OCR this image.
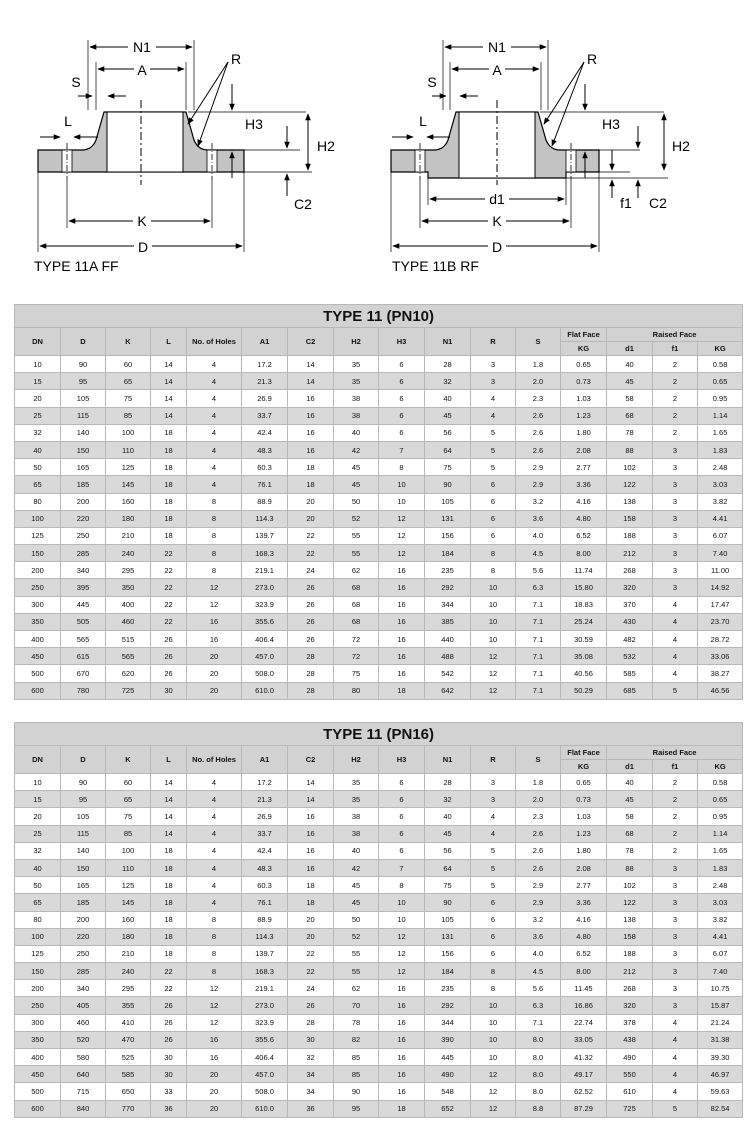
N1
A
S
R
L	H3
H2
C2
K
D
TYPE 11A FF
N1
A
S
R
L	H3
f1
H2
C2
d1
K
D
TYPE 11B RF
TYPE 11 (PN10)															
DN	D	K	L	No. of Holes	A1	C2	H2	H3	N1	R	S	Flat Face	Raised Face		
												KG	d1	f1	KG
10	90	60	14	4	17.2	14	35	6	28	3	1.8	0.65	40	2	0.58
15	95	65	14	4	21.3	14	35	6	32	3	2.0	0.73	45	2	0.65
20	105	75	14	4	26.9	16	38	6	40	4	2.3	1.03	58	2	0.95
25	115	85	14	4	33.7	16	38	6	45	4	2.6	1.23	68	2	1.14
32	140	100	18	4	42.4	16	40	6	56	5	2.6	1.80	78	2	1.65
40	150	110	18	4	48.3	16	42	7	64	5	2.6	2.08	88	3	1.83
50	165	125	18	4	60.3	18	45	8	75	5	2.9	2.77	102	3	2.48
65	185	145	18	4	76.1	18	45	10	90	6	2.9	3.36	122	3	3.03
80	200	160	18	8	88.9	20	50	10	105	6	3.2	4.16	138	3	3.82
100	220	180	18	8	114.3	20	52	12	131	6	3.6	4.80	158	3	4.41
125	250	210	18	8	139.7	22	55	12	156	6	4.0	6.52	188	3	6.07
150	285	240	22	8	168.3	22	55	12	184	8	4.5	8.00	212	3	7.40
200	340	295	22	8	219.1	24	62	16	235	8	5.6	11.74	268	3	11.00
250	395	350	22	12	273.0	26	68	16	292	10	6.3	15.80	320	3	14.92
300	445	400	22	12	323.9	26	68	16	344	10	7.1	18.83	370	4	17.47
350	505	460	22	16	355.6	26	68	16	385	10	7.1	25.24	430	4	23.70
400	565	515	26	16	406.4	26	72	16	440	10	7.1	30.59	482	4	28.72
450	615	565	26	20	457.0	28	72	16	488	12	7.1	35.08	532	4	33.06
500	670	620	26	20	508.0	28	75	16	542	12	7.1	40.56	585	4	38.27
600	780	725	30	20	610.0	28	80	18	642	12	7.1	50.29	685	5	46.56
TYPE 11 (PN16)															
DN	D	K	L	No. of Holes	A1	C2	H2	H3	N1	R	S	Flat Face	Raised Face		
												KG	d1	f1	KG
10	90	60	14	4	17.2	14	35	6	28	3	1.8	0.65	40	2	0.58
15	95	65	14	4	21.3	14	35	6	32	3	2.0	0.73	45	2	0.65
20	105	75	14	4	26.9	16	38	6	40	4	2.3	1.03	58	2	0.95
25	115	85	14	4	33.7	16	38	6	45	4	2.6	1.23	68	2	1.14
32	140	100	18	4	42.4	16	40	6	56	5	2.6	1.80	78	2	1.65
40	150	110	18	4	48.3	16	42	7	64	5	2.6	2.08	88	3	1.83
50	165	125	18	4	60.3	18	45	8	75	5	2.9	2.77	102	3	2.48
65	185	145	18	4	76.1	18	45	10	90	6	2.9	3.36	122	3	3.03
80	200	160	18	8	88.9	20	50	10	105	6	3.2	4.16	138	3	3.82
100	220	180	18	8	114.3	20	52	12	131	6	3.6	4.80	158	3	4.41
125	250	210	18	8	139.7	22	55	12	156	6	4.0	6.52	188	3	6.07
150	285	240	22	8	168.3	22	55	12	184	8	4.5	8.00	212	3	7.40
200	340	295	22	12	219.1	24	62	16	235	8	5.6	11.45	268	3	10.75
250	405	355	26	12	273.0	26	70	16	292	10	6.3	16.86	320	3	15.87
300	460	410	26	12	323.9	28	78	16	344	10	7.1	22.74	378	4	21.24
350	520	470	26	16	355.6	30	82	16	390	10	8.0	33.05	438	4	31.38
400	580	525	30	16	406.4	32	85	16	445	10	8.0	41.32	490	4	39.30
450	640	585	30	20	457.0	34	85	16	490	12	8.0	49.17	550	4	46.97
500	715	650	33	20	508.0	34	90	16	548	12	8.0	62.52	610	4	59.63
600	840	770	36	20	610.0	36	95	18	652	12	8.8	87.29	725	5	82.54
